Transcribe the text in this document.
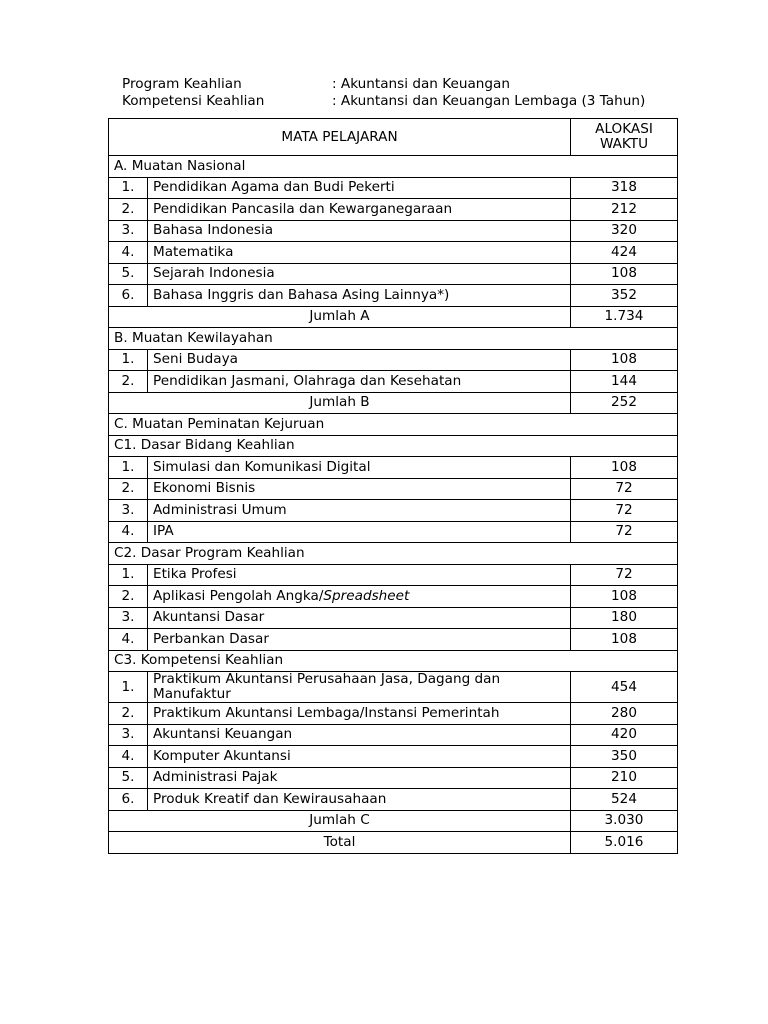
Program Keahlian	: Akuntansi dan Keuangan
Kompetensi Keahlian	: Akuntansi dan Keuangan Lembaga (3 Tahun)
MATA PELAJARAN		ALOKASI
WAKTU
A. Muatan Nasional		
1.	Pendidikan Agama dan Budi Pekerti	318
2.	Pendidikan Pancasila dan Kewarganegaraan	212
3.	Bahasa Indonesia	320
4.	Matematika	424
5.	Sejarah Indonesia	108
6.	Bahasa Inggris dan Bahasa Asing Lainnya*)	352
Jumlah A		1.734
B. Muatan Kewilayahan		
1.	Seni Budaya	108
2.	Pendidikan Jasmani, Olahraga dan Kesehatan	144
Jumlah B		252
C. Muatan Peminatan Kejuruan		
C1. Dasar Bidang Keahlian		
1.	Simulasi dan Komunikasi Digital	108
2.	Ekonomi Bisnis	72
3.	Administrasi Umum	72
4.	IPA	72
C2. Dasar Program Keahlian		
1.	Etika Profesi	72
2.	Aplikasi Pengolah Angka/Spreadsheet	108
3.	Akuntansi Dasar	180
4.	Perbankan Dasar	108
C3. Kompetensi Keahlian		
1.	Praktikum Akuntansi Perusahaan Jasa, Dagang dan Manufaktur	454
2.	Praktikum Akuntansi Lembaga/Instansi Pemerintah	280
3.	Akuntansi Keuangan	420
4.	Komputer Akuntansi	350
5.	Administrasi Pajak	210
6.	Produk Kreatif dan Kewirausahaan	524
Jumlah C		3.030
Total		5.016
